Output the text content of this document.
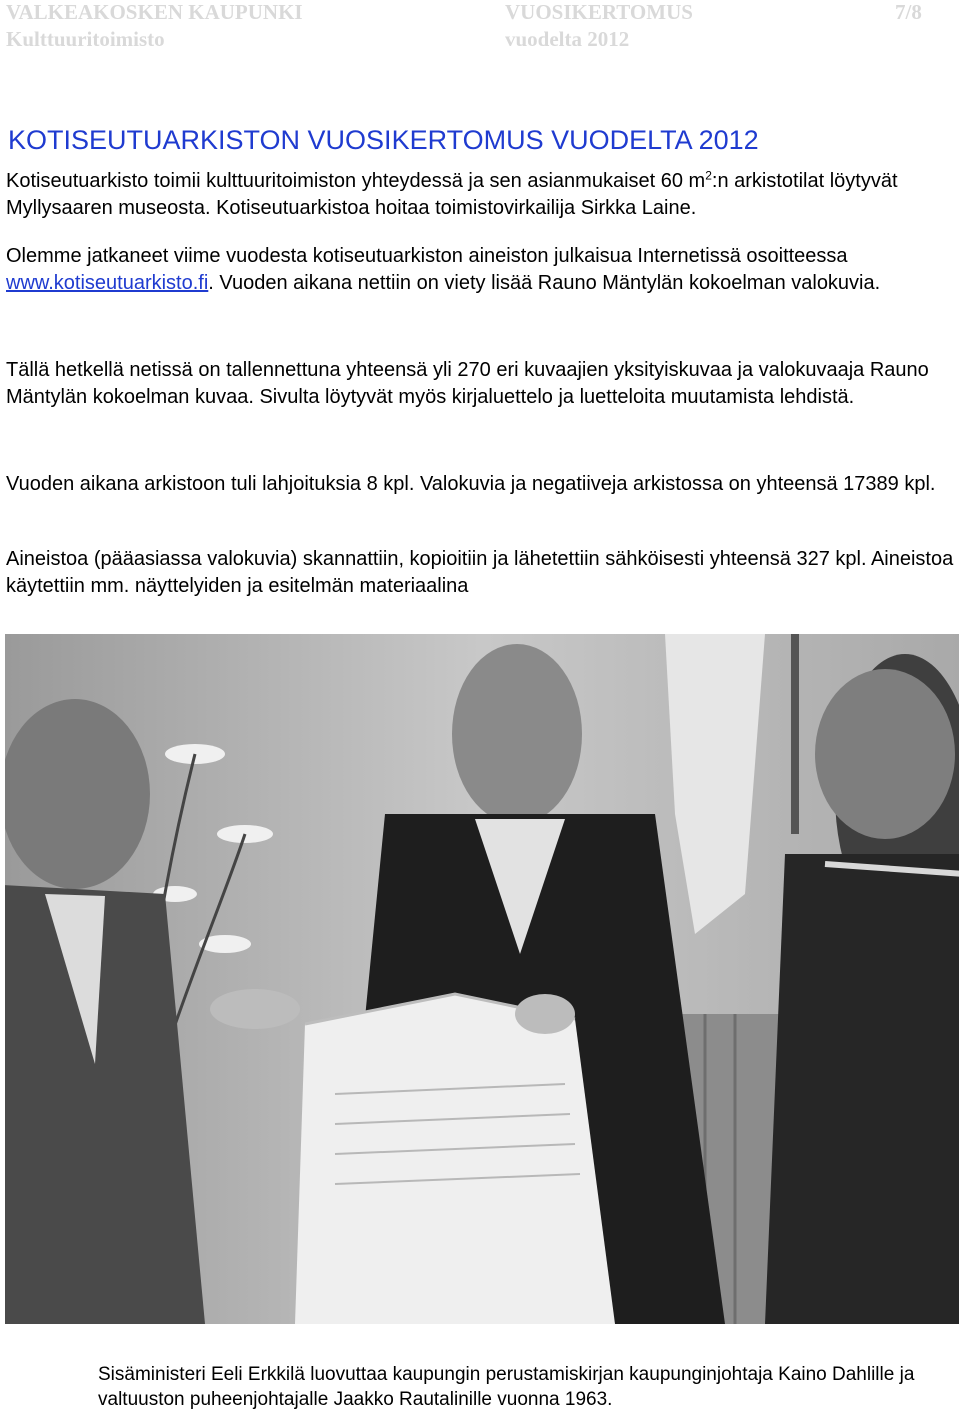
VALKEAKOSKEN KAUPUNKI	VUOSIKERTOMUS	7/8
Kulttuuritoimisto	vuodelta 2012
KOTISEUTUARKISTON VUOSIKERTOMUS VUODELTA 2012

Kotiseutuarkisto toimii kulttuuritoimiston yhteydessä ja sen asianmukaiset 60 $m^2:n$ arkistotilat löytyvät Myllysaaren museosta. Kotiseutuarkistoa hoitaa toimistovirkailija Sirkka Laine.

Olemme jatkaneet viime vuodesta kotiseutuarkiston aineiston julkaisua Internetissä osoitteessa www.kotiseutuarkisto.fi. Vuoden aikana nettiin on viety lisää Rauno Mäntylän kokoelman valokuvia.

Tällä hetkellä netissä on tallennettuna yhteensä yli 270 eri kuvaajien yksityiskuvaa ja valokuvaaja Rauno Mäntylän kokoelman kuvaa. Sivulta löytyvät myös kirjaluettelo ja luetteloita muutamista lehdistä.

Vuoden aikana arkistoon tuli lahjoituksia 8 kpl. Valokuvia ja negatiiveja arkistossa on yhteensä 17389 kpl.

Aineistoa (pääasiassa valokuvia) skannattiin, kopioitiin ja lähetettiin sähköisesti yhteensä 327 kpl. Aineistoa käytettiin mm. näyttelyiden ja esitelmän materiaalina

Sisäministeri Eeli Erkkilä luovuttaa kaupungin perustamiskirjan kaupunginjohtaja Kaino Dahlille ja valtuuston puheenjohtajalle Jaakko Rautalinille vuonna 1963.
